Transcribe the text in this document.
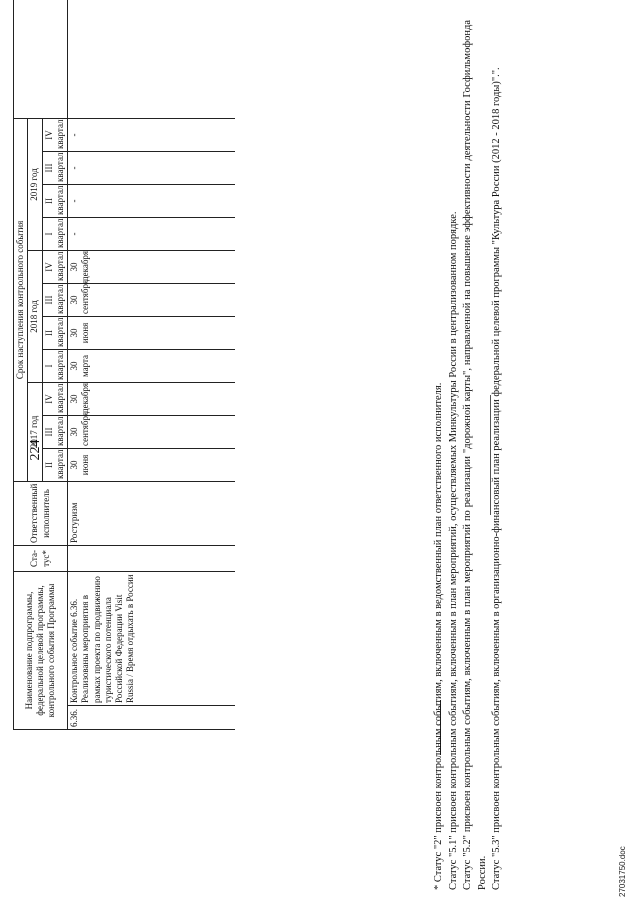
224
Наименование подпрограммы, федеральной целевой программы, контрольного события Программы		Ста- тус*	Ответственный исполнитель	Срок наступления контрольного события											
				2017 год			2018 год				2019 год				

				II квартал	III квартал	IV квартал	I квартал	II квартал	III квартал	IV квартал	I квартал	II квартал	III квартал	IV квартал	

6.36.	Контрольное событие 6.36. Реализованы мероприятия в рамках проекта по продвижению туристического потенциала Российской Федерации Visit Russia / Время отдыхать в России		Ростуризм	30 июня	30 сентября	30 декабря	30 марта	30 июня	30 сентября	30 декабря	-	-	-	-	

* Статус "2" присвоен контрольным событиям, включенным в ведомственный план ответственного исполнителя. Статус "5.1" присвоен контрольным событиям, включенным в план мероприятий, осуществляемых Минкультуры России в централизованном порядке. Статус "5.2" присвоен контрольным событиям, включенным в план мероприятий по реализации "дорожной карты", направленной на повышение эффективности деятельности Госфильмофонда России. Статус "5.3" присвоен контрольным событиям, включенным в организационно-финансовый план реализации федеральной целевой программы "Культура России (2012 - 2018 годы)".".	27031750.doc
